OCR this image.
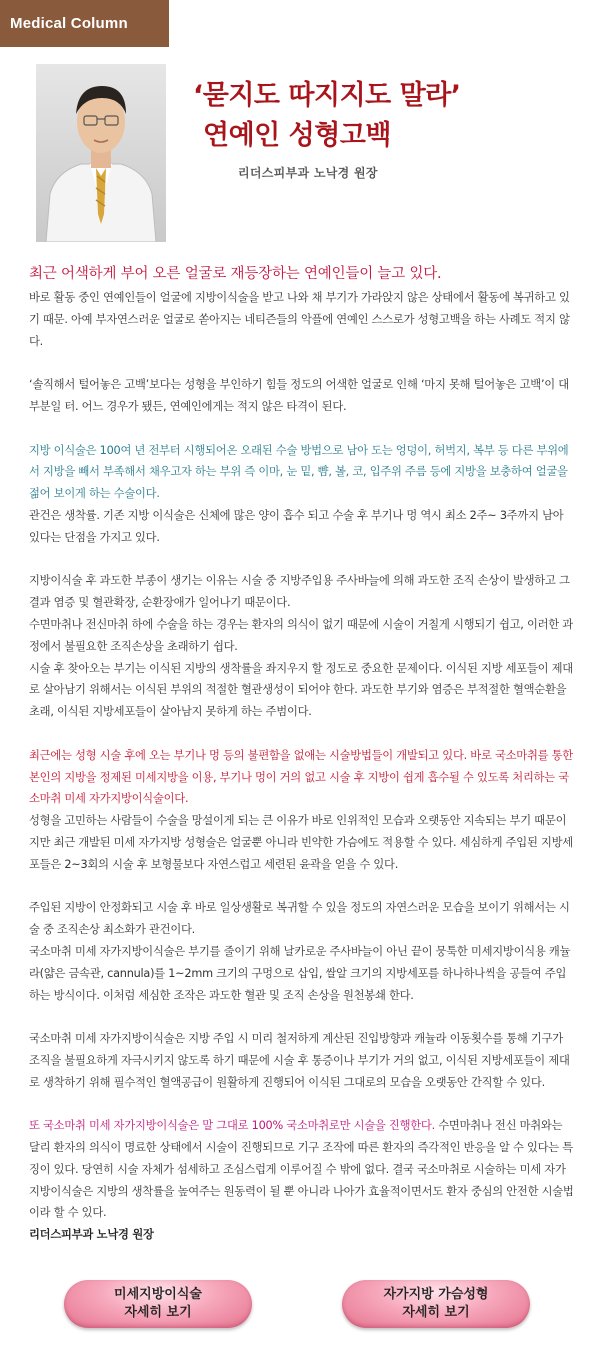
Medical Column
‘묻지도 따지지도 말라’
연예인 성형고백
리더스피부과 노낙경 원장
최근 어색하게 부어 오른 얼굴로 재등장하는 연예인들이 늘고 있다.

바로 활동 중인 연예인들이 얼굴에 지방이식술을 받고 나와 채 부기가 가라앉지 않은 상태에서 활동에 복귀하고 있기 때문. 아예 부자연스러운 얼굴로 쏟아지는 네티즌들의 악플에 연예인 스스로가 성형고백을 하는 사례도 적지 않다.

‘솔직해서 털어놓은 고백’보다는 성형을 부인하기 힘들 정도의 어색한 얼굴로 인해 ‘마지 못해 털어놓은 고백’이 대부분일 터. 어느 경우가 됐든, 연예인에게는 적지 않은 타격이 된다.

지방 이식술은 100여 년 전부터 시행되어온 오래된 수술 방법으로 남아 도는 엉덩이, 허벅지, 복부 등 다른 부위에서 지방을 빼서 부족해서 채우고자 하는 부위 즉 이마, 눈 밑, 뺨, 볼, 코, 입주위 주름 등에 지방을 보충하여 얼굴을 젊어 보이게 하는 수술이다.

관건은 생착률. 기존 지방 이식술은 신체에 많은 양이 흡수 되고 수술 후 부기나 멍 역시 최소 2주~ 3주까지 남아 있다는 단점을 가지고 있다.

지방이식술 후 과도한 부종이 생기는 이유는 시술 중 지방주입용 주사바늘에 의해 과도한 조직 손상이 발생하고 그 결과 염증 및 혈관확장, 순환장애가 일어나기 때문이다.

수면마취나 전신마취 하에 수술을 하는 경우는 환자의 의식이 없기 때문에 시술이 거칠게 시행되기 쉽고, 이러한 과정에서 불필요한 조직손상을 초래하기 쉽다.

시술 후 찾아오는 부기는 이식된 지방의 생착률을 좌지우지 할 정도로 중요한 문제이다. 이식된 지방 세포들이 제대로 살아남기 위해서는 이식된 부위의 적절한 혈관생성이 되어야 한다. 과도한 부기와 염증은 부적절한 혈액순환을 초래, 이식된 지방세포들이 살아남지 못하게 하는 주범이다.

최근에는 성형 시술 후에 오는 부기나 멍 등의 불편함을 없애는 시술방법들이 개발되고 있다. 바로 국소마취를 통한 본인의 지방을 정제된 미세지방을 이용, 부기나 멍이 거의 없고 시술 후 지방이 쉽게 흡수될 수 있도록 처리하는 국소마취 미세 자가지방이식술이다.

성형을 고민하는 사람들이 수술을 망설이게 되는 큰 이유가 바로 인위적인 모습과 오랫동안 지속되는 부기 때문이지만 최근 개발된 미세 자가지방 성형술은 얼굴뿐 아니라 빈약한 가슴에도 적용할 수 있다. 세심하게 주입된 지방세포들은 2~3회의 시술 후 보형물보다 자연스럽고 세련된 윤곽을 얻을 수 있다.

주입된 지방이 안정화되고 시술 후 바로 일상생활로 복귀할 수 있을 정도의 자연스러운 모습을 보이기 위해서는 시술 중 조직손상 최소화가 관건이다.

국소마취 미세 자가지방이식술은 부기를 줄이기 위해 날카로운 주사바늘이 아닌 끝이 뭉툭한 미세지방이식용 캐뉼라(얇은 금속관, cannula)를 1~2mm 크기의 구멍으로 삽입, 쌀알 크기의 지방세포를 하나하나씩을 공들여 주입하는 방식이다. 이처럼 세심한 조작은 과도한 혈관 및 조직 손상을 원천봉쇄 한다.

국소마취 미세 자가지방이식술은 지방 주입 시 미리 철저하게 계산된 진입방향과 캐뉼라 이동횟수를 통해 기구가 조직을 불필요하게 자극시키지 않도록 하기 때문에 시술 후 통증이나 부기가 거의 없고, 이식된 지방세포들이 제대로 생착하기 위해 필수적인 혈액공급이 원활하게 진행되어 이식된 그대로의 모습을 오랫동안 간직할 수 있다.

또 국소마취 미세 자가지방이식술은 말 그대로 100% 국소마취로만 시술을 진행한다. 수면마취나 전신 마취와는 달리 환자의 의식이 명료한 상태에서 시술이 진행되므로 기구 조작에 따른 환자의 즉각적인 반응을 알 수 있다는 특징이 있다. 당연히 시술 자체가 섬세하고 조심스럽게 이루어질 수 밖에 없다. 결국 국소마취로 시술하는 미세 자가지방이식술은 지방의 생착률을 높여주는 원동력이 될 뿐 아니라 나아가 효율적이면서도 환자 중심의 안전한 시술법이라 할 수 있다.

리더스피부과 노낙경 원장

미세지방이식술
자세히 보기
자가지방 가슴성형
자세히 보기
